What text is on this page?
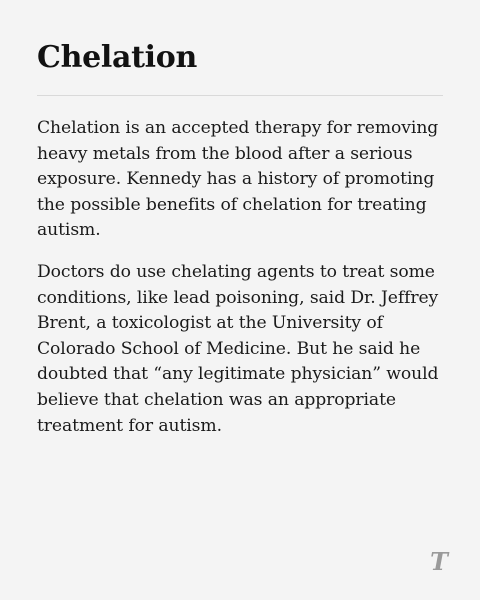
Chelation

Chelation is an accepted therapy for removing heavy metals from the blood after a serious exposure. Kennedy has a history of promoting the possible benefits of chelation for treating autism.

Doctors do use chelating agents to treat some conditions, like lead poisoning, said Dr. Jeffrey Brent, a toxicologist at the University of Colorado School of Medicine. But he said he doubted that “any legitimate physician” would believe that chelation was an appropriate treatment for autism.

T
